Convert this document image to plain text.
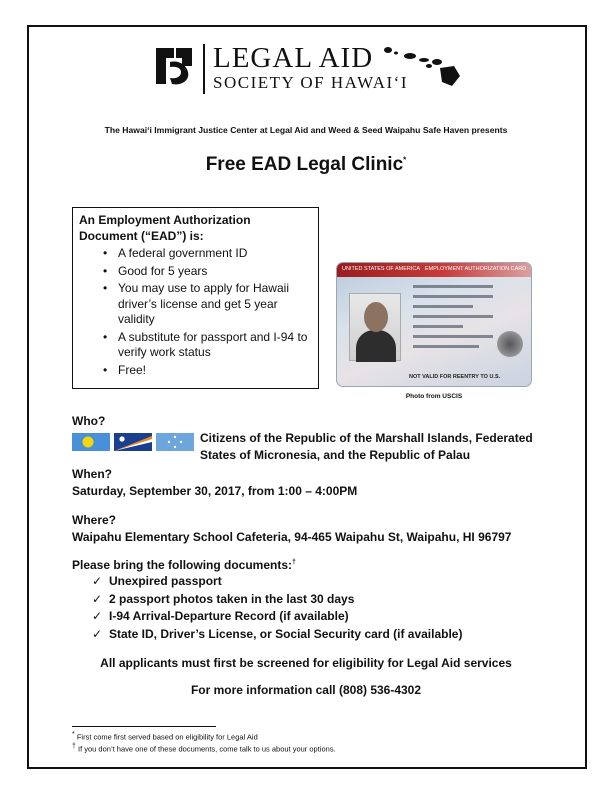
LEGAL AID
SOCIETY OF HAWAI‘I
The Hawai‘i Immigrant Justice Center at Legal Aid and Weed & Seed Waipahu Safe Haven presents
Free EAD Legal Clinic*
An Employment Authorization Document (“EAD”) is:
• A federal government ID
• Good for 5 years
• You may use to apply for Hawaii driver’s license and get 5 year validity
• A substitute for passport and I-94 to verify work status
• Free!
UNITED STATES OF AMERICA EMPLOYMENT AUTHORIZATION CARD
NOT VALID FOR REENTRY TO U.S.
Photo from USCIS
Who?
Citizens of the Republic of the Marshall Islands, Federated States of Micronesia, and the Republic of Palau
When?
Saturday, September 30, 2017, from 1:00 – 4:00PM
Where?
Waipahu Elementary School Cafeteria, 94-465 Waipahu St, Waipahu, HI 96797
Please bring the following documents:†
✓ Unexpired passport
✓ 2 passport photos taken in the last 30 days
✓ I-94 Arrival-Departure Record (if available)
✓ State ID, Driver’s License, or Social Security card (if available)
All applicants must first be screened for eligibility for Legal Aid services
For more information call (808) 536-4302
* First come first served based on eligibility for Legal Aid
† If you don’t have one of these documents, come talk to us about your options.
